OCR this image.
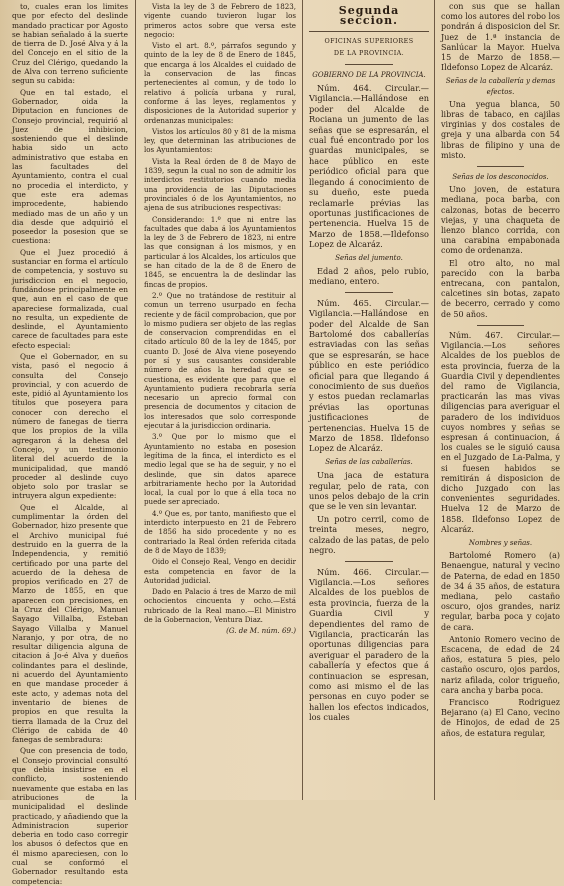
to, cuales eran los limites que por efecto del deslinde mandado practicar por Agosto se habian señalado á la suerte de tierra de D. José Alva y á la del Concejo en el sitio de la Cruz del Clérigo, quedando la de Alva con terreno suficiente segun su cabida:

Que en tal estado, el Gobernador, oida la Diputacion en funciones de Consejo provincial, requirió al Juez de inhibicion, sosteniendo que el deslinde habia sido un acto administrativo que estaba en las facultades del Ayuntamiento, contra el cual no procedia el interdicto, y que este era ademas improcedente, habiendo mediado mas de un año y un dia desde que adquirió el poseedor la posesion que se cuestiona:

Que el Juez procedió á sustanciar en forma el artículo de competencia, y sostuvo su jurisdiccion en el negocio, fundándose principalmente en que, aun en el caso de que apareciese formalizada, cual no resulta, un expediente de deslinde, el Ayuntamiento carece de facultades para este efecto especial:

Que el Gobernador, en su vista, pasó el negocio á consulta del Consejo provincial, y con acuerdo de este, pidió al Ayuntamiento los títulos que poseyera para conocer con derecho el número de fanegas de tierra que los propios de la villa agregaron á la dehesa del Concejo, y un testimonio literal del acuerdo de la municipalidad, que mandó proceder al deslinde cuyo objeto solo por traslar se intruyera algun expediente:

Que el Alcalde, al cumplimentar la órden del Gobernador, hizo presente que el Archivo municipal fué destruido en la guerra de la Independencia, y remitió certificado por una parte del acuerdo de la dehesa de propios verificado en 27 de Marzo de 1855, en que aparecen con precisiones, en la Cruz del Clérigo, Manuel Sayago Villalba, Esteban Sayago Villalba y Manuel Naranjo, y por otra, de no resultar diligencia alguna de citacion á Jo-é Alva y dueños colindantes para el deslinde, ni acuerdo del Ayuntamiento en que mandase proceder á este acto, y ademas nota del inventario de bienes de propios en que resulta la tierra llamada de la Cruz del Clérigo de cabida de 40 fanegas de sembradura:

Que con presencia de todo, el Consejo provincial consultó que debia insistirse en el conflicto, sosteniendo nuevamente que estaba en las atribuciones de la municipalidad el deslinde practicado, y añadiendo que la Administracion superior deberia en todo caso corregir los abusos ó defectos que en él mismo apareciesen, con lo cual se conformó el Gobernador resultando esta competencia:

Vista la ley de 3 de Febrero de 1823, vigente cuando tuvieron lugar los primeros actos sobre que versa este negocio:

Visto el art. 8.º, párrafos segundo y quinto de la ley de 8 de Enero de 1845, que encarga á los Alcaldes el cuidado de la conservacion de las fincas pertenecientes al comun, y de todo lo relativo á policía urbana y rural, conforme á las leyes, reglamentos y disposiciones de la Autoridad superior y ordenanzas municipales:

Vistos los artículos 80 y 81 de la misma ley, que determinan las atribuciones de los Ayuntamientos:

Vista la Real órden de 8 de Mayo de 1839, segun la cual no son de admitir los interdictos restitutorios cuando media una providencia de las Diputaciones provinciales ó de los Ayuntamientos, no ajena de sus atribuciones respectivas:

Considerando: 1.º que ni entre las facultades que daba á los Ayuntamientos la ley de 3 de Febrero de 1823, ni entre las que consignan á los mismos, y en particular á los Alcaldes, los artículos que se han citado de la de 8 de Enero de 1845, se encuentra la de deslindar las fincas de propios.

2.º Que no tratándose de restituir al comun un terreno usurpado en fecha reciente y de fácil comprobacion, que por lo mismo pudiera ser objeto de las reglas de conservacion comprendidas en el citado artículo 80 de la ley de 1845, por cuanto D. José de Alva viene poseyendo por sí y sus causantes considerable número de años la heredad que se cuestiona, es evidente que para que el Ayuntamiento pudiera recobrarla sería necesario un aprecio formal con presencia de documentos y citacion de los interesados que solo corresponde ejecutar á la jurisdiccion ordinaria.

3.º Que por lo mismo que el Ayuntamiento no estaba en posesion legítima de la finca, el interdicto es el medio legal que se ha de seguir, y no el deslinde, que sin datos aparece arbitrariamente hecho por la Autoridad local, la cual por lo que á ella toca no puede ser apreciado.

4.º Que es, por tanto, manifiesto que el interdicto interpuesto en 21 de Febrero de 1856 ha sido procedente y no es contrariado la Real órden referida citada de 8 de Mayo de 1839;

Oido el Consejo Real, Vengo en decidir esta competencia en favor de la Autoridad judicial.

Dado en Palacio á tres de Marzo de mil ochocientos cincuenta y ocho.—Está rubricado de la Real mano.—El Ministro de la Gobernacion, Ventura Diaz.

(G. de M. núm. 69.)

Segunda seccion.

OFICINAS SUPERIORES

DE LA PROVINCIA.

GOBIERNO DE LA PROVINCIA.

Núm. 464. Circular.—Vigilancia.—Hallándose en poder del Alcalde de Rociana un jumento de las señas que se espresarán, el cual fué encontrado por los guardas municipales, se hace público en este periódico oficial para que llegando á conocimiento de su dueño, este pueda reclamarle prévias las oportunas justificaciones de pertenencia. Huelva 15 de Marzo de 1858.—Ildefonso Lopez de Alcaráz.

Señas del jumento.

Edad 2 años, pelo rubio, mediano, entero.

Núm. 465. Circular.—Vigilancia.—Hallándose en poder del Alcalde de San Bartolomé dos caballerías estraviadas con las señas que se espresarán, se hace público en este periódico oficial para que llegando á conocimiento de sus dueños y estos puedan reclamarlas prévias las oportunas justificaciones de pertenencias. Huelva 15 de Marzo de 1858. Ildefonso Lopez de Alcaráz.

Señas de las caballerías.

Una jaca de estatura regular, pelo de rata, con unos pelos debajo de la crin que se le ven sin levantar.

Un potro cerril, como de treinta meses, negro, calzado de las patas, de pelo negro.

Núm. 466. Circular.—Vigilancia.—Los señores Alcaldes de los pueblos de esta provincia, fuerza de la Guardia Civil y dependientes del ramo de Vigilancia, practicarán las oportunas diligencias para averiguar el paradero de la caballería y efectos que á continuacion se espresan, como asi mismo el de las personas en cuyo poder se hallen los efectos indicados, los cuales

con sus que se hallan como los autores del robo los pondrán á disposicion del Sr. Juez de 1.ª instancia de Sanlúcar la Mayor. Huelva 15 de Marzo de 1858.—Ildefonso Lopez de Alcaráz.

Señas de la caballería y demas efectos.

Una yegua blanca, 50 libras de tabaco, en cajilas virginias y dos costales de greja y una albarda con 54 libras de filipino y una de misto.

Señas de los desconocidos.

Uno joven, de estatura mediana, poca barba, con calzonas, botas de becerro viejas, y una chaqueta de lienzo blanco corrida, con una carabina empabonada como de ordenanza.

El otro alto, no mal parecido con la barba entrecana, con pantalon, calcetines sin botas, zapato de becerro, cerrado y como de 50 años.

Núm. 467. Circular.—Vigilancia.—Los señores Alcaldes de los pueblos de esta provincia, fuerza de la Guardia Civil y dependientes del ramo de Vigilancia, practicarán las mas vivas diligencias para averiguar el paradero de los individuos cuyos nombres y señas se espresan á continuacion, á los cuales se le siguió causa en el Juzgado de La-Palma, y si fuesen habidos se remitirán á disposicion de dicho Juzgado con las convenientes seguridades. Huelva 12 de Marzo de 1858. Ildefonso Lopez de Alcaráz.

Nombres y señas.

Bartolomé Romero (a) Benaengue, natural y vecino de Paterna, de edad en 1850 de 34 á 35 años, de estatura mediana, pelo castaño oscuro, ojos grandes, nariz regular, barba poca y cojato de cara.

Antonio Romero vecino de Escacena, de edad de 24 años, estatura 5 pies, pelo castaño oscuro, ojos pardos, nariz afilada, color trigueño, cara ancha y barba poca.

Francisco Rodriguez Bejarano (a) El Cano, vecino de Hinojos, de edad de 25 años, de estatura regular,
